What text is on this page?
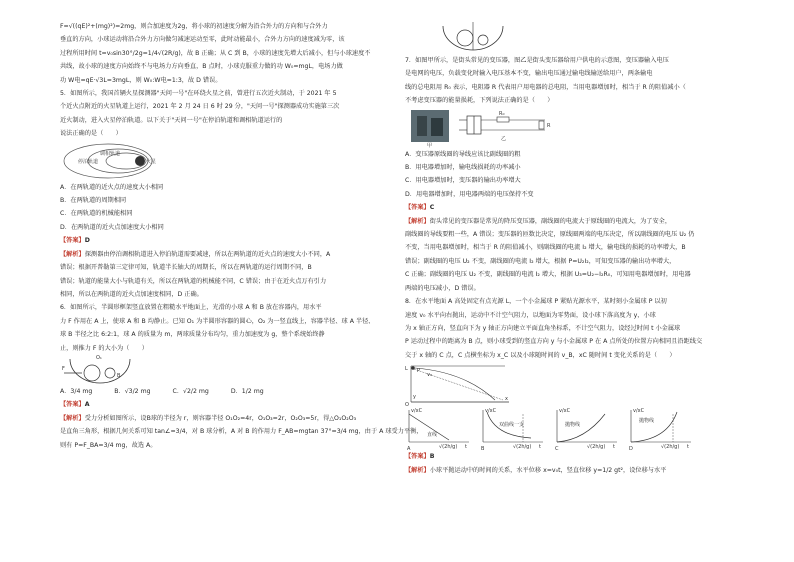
F=√((qE)²+(mg)²)=2mg，则合加速度为2g，将小球的初速度分解为沿合外力的方向和与合外力

垂直的方向，小球运动将沿合外力方向做匀减速运动至零，此时动能最小，合外力方向的速度减为零，该

过程所用时间 t=v₀sin30°/2g=1/4√(2R/g)，故 B 正确；从 C 到 B，小球的速度先增大后减小，但与小球速度不

共线，故小球的速度方向始终不与电场力方向垂直，B 点时，小球克服重力做的功 W₀=mgL，电场力做

功 W电=qE·√3L=3mgL，则 W₀:W电=1:3，故 D 错误。

5．如图所示，我国首辆火星探测器"天问一号"在环绕火星之前，曾进行五次近火制动，于 2021 年 5

个近火点附近的火星轨道上运行，2021 年 2 月 24 日 6 时 29 分，"天问一号"探测器成功实施第三次

近火制动，进入火星停泊轨道。以下关于"天问一号"在停泊轨道和调相轨道运行的

说法正确的是（　　）

停泊轨道
调相轨道
火星

A．在两轨道的近火点的速度大小相同

B．在两轨道的周期相同

C．在两轨道的机械能相同

D．在两轨道的近火点加速度大小相同

【答案】D

【解析】探测器由停泊调相轨道进入停泊轨道需要减速，所以在两轨道的近火点的速度大小不同，A

错误；根据开普勒第三定律可知，轨道半长轴大的周期长，所以在两轨道的运行周期不同，B

错误；轨道的能量大小与轨道有关，所以在两轨道的机械能不同，C 错误；由于在近火点万有引力

相同，所以在两轨道的近火点加速度相同，D 正确。

6．如图所示，半圆形框架竖直放置在粗糙水平地面上，光滑的小球 A 和 B 放在容器内，用水平

力 F 作用在 A 上，使球 A 和 B 均静止。已知 O₁ 为半圆形容器的圆心，O₂ 为一竖直线上，容器半径、球 A 半径、

球 B 半径之比 6:2:1，球 A 的质量为 m，两球质量分布均匀，重力加速度为 g，整个系统始终静

止，则推力 F 的大小为（　　）

F
O₁
B

A．3/4 mg	B．√3/2 mg	C．√2/2 mg	D．1/2 mg

【答案】A

【解析】受力分析如图所示，设B球的半径为 r，则容器半径 O₁O₂=4r，O₁O₃=2r，O₂O₃=5r，得△O₁O₂O₃

是直角三角形，根据几何关系可知 tan∠=3/4，对 B 球分析，A 对 B 的作用力 F_AB=mgtan 37°=3/4 mg，由于 A 球受力平衡，

则有 P=F_BA=3/4 mg，故选 A。

7．如图甲所示，是街头常见的变压器，图乙是街头变压器给用户供电的示意图，变压器输入电压

是电网的电压，负载变化时输入电压基本不变，输出电压通过输电线输送给用户，两条输电

线的总电阻用 R₀ 表示，电阻器 R 代表用户用电器的总电阻，当用电器增加时，相当于 R 的阻值减小（

不考虑变压器的能量损耗，下列说法正确的是（　　）

甲
乙
R₀
R

A．变压器原线圈的导线应该比副线圈的粗

B．用电器增加时，输电线损耗的功率减小

C．用电器增加时，变压器的输出功率增大

D．用电器增加时，用电器两端的电压保持不变

【答案】C

【解析】街头常见的变压器是常见的降压变压器，副线圈的电流大于原线圈的电流大，为了安全，

副线圈的导线要粗一些，A 错误；变压器的匝数比决定，原线圈两端的电压决定，所以副线圈的电压 U₂ 仍

不变，当用电器增加时，相当于 R 的阻值减小，则副线圈的电流 I₂ 增大，输电线的损耗的功率增大，B

错误；副线圈的电压 U₂ 不变，副线圈的电流 I₂ 增大，根据 P=U₂I₂，可知变压器的输出功率增大，

C 正确；副线圈的电压 U₂ 不变，副线圈的电流 I₂ 增大，根据 U₃=U₂−I₂R₀，可知用电器增加时，用电器

两端的电压减小，D 错误。

8．在水平地面 A 高处固定有点光源 L，一个小金属球 P 紧贴光源水平，某时刻小金属球 P 以初

速度 v₀ 水平向右抛出，运动中不计空气阻力，以地面为零势面，设小球下落高度为 y，小球

为 x 轴正方向，竖直向下为 y 轴正方向建立平面直角坐标系，不计空气阻力，设经过时间 t 小金属球

P 运动过程中的距离为 B 点，则小球受到的竖直方向 y 与小金属球 P 在 A 点所处的位置方向相同且沿距线交

交于 x 轴的 C 点，C 点横坐标为 x_C 以及小球随时间的 v_B，xC 随时间 t 变化关系的是（　　）

L P
v₀
x
y
O
v/xC
直线
√(2h/g) t
A
v/xC
双曲线一支
√(2h/g) t
B
v/xC
抛物线
√(2h/g) t
C
v/xC
抛物线
√(2h/g) t
D

【答案】B

【解析】小球平抛运动中的时间的关系，水平位移 x=v₀t，竖直位移 y=1/2 gt²，设位移与水平
